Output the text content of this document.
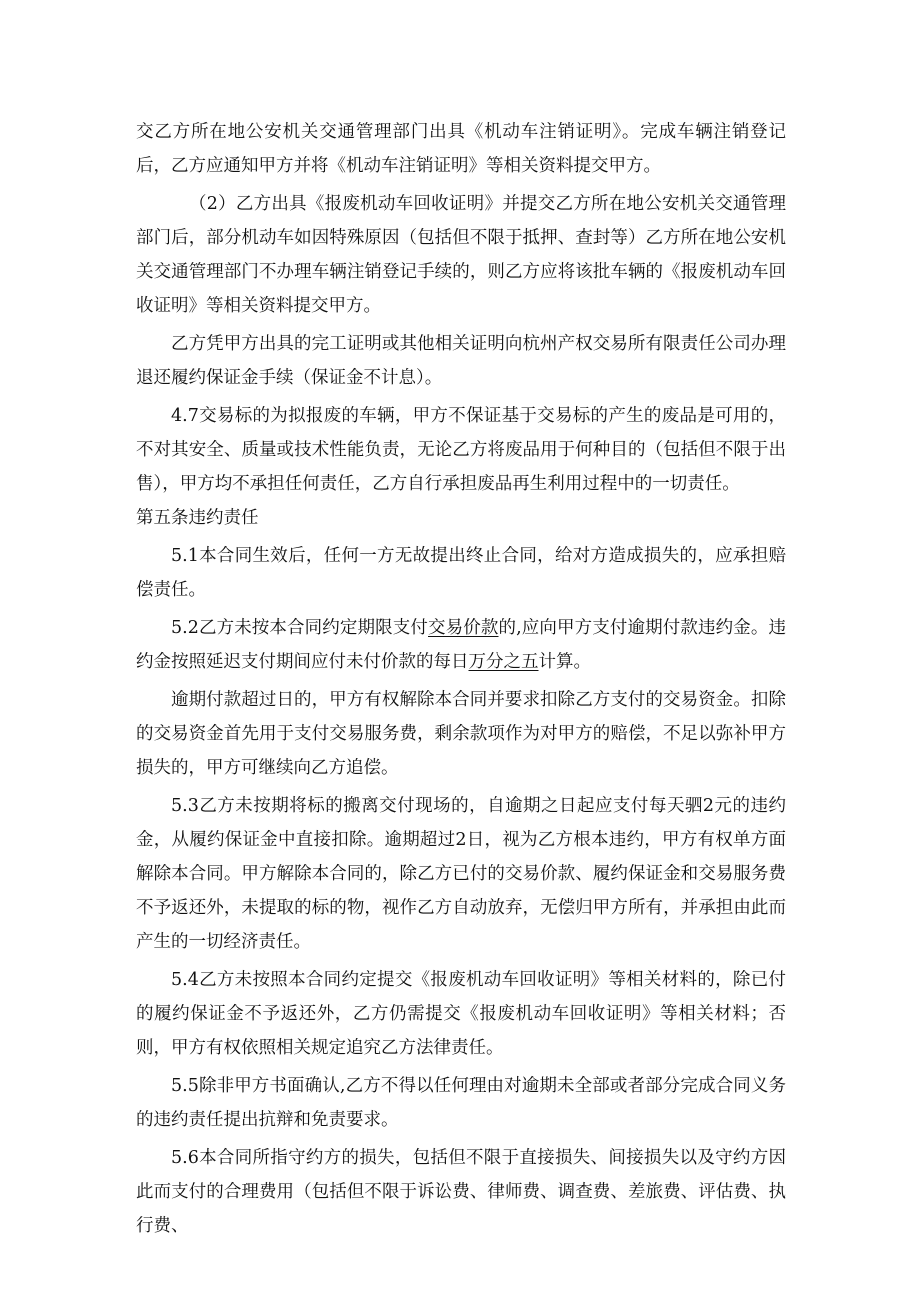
交乙方所在地公安机关交通管理部门出具《机动车注销证明》。完成车辆注销登记后，乙方应通知甲方并将《机动车注销证明》等相关资料提交甲方。

（2）乙方出具《报废机动车回收证明》并提交乙方所在地公安机关交通管理部门后，部分机动车如因特殊原因（包括但不限于抵押、查封等）乙方所在地公安机关交通管理部门不办理车辆注销登记手续的，则乙方应将该批车辆的《报废机动车回收证明》等相关资料提交甲方。

乙方凭甲方出具的完工证明或其他相关证明向杭州产权交易所有限责任公司办理退还履约保证金手续（保证金不计息）。

4.7交易标的为拟报废的车辆，甲方不保证基于交易标的产生的废品是可用的，不对其安全、质量或技术性能负责，无论乙方将废品用于何种目的（包括但不限于出售），甲方均不承担任何责任，乙方自行承担废品再生利用过程中的一切责任。

第五条违约责任

5.1本合同生效后，任何一方无故提出终止合同，给对方造成损失的，应承担赔偿责任。

5.2乙方未按本合同约定期限支付交易价款的,应向甲方支付逾期付款违约金。违约金按照延迟支付期间应付未付价款的每日万分之五计算。

逾期付款超过日的，甲方有权解除本合同并要求扣除乙方支付的交易资金。扣除的交易资金首先用于支付交易服务费，剩余款项作为对甲方的赔偿，不足以弥补甲方损失的，甲方可继续向乙方追偿。

5.3乙方未按期将标的搬离交付现场的，自逾期之日起应支付每天驷2元的违约金，从履约保证金中直接扣除。逾期超过2日，视为乙方根本违约，甲方有权单方面解除本合同。甲方解除本合同的，除乙方已付的交易价款、履约保证金和交易服务费不予返还外，未提取的标的物，视作乙方自动放弃，无偿归甲方所有，并承担由此而产生的一切经济责任。

5.4乙方未按照本合同约定提交《报废机动车回收证明》等相关材料的，除已付的履约保证金不予返还外，乙方仍需提交《报废机动车回收证明》等相关材料；否则，甲方有权依照相关规定追究乙方法律责任。

5.5除非甲方书面确认,乙方不得以任何理由对逾期未全部或者部分完成合同义务的违约责任提出抗辩和免责要求。

5.6本合同所指守约方的损失，包括但不限于直接损失、间接损失以及守约方因此而支付的合理费用（包括但不限于诉讼费、律师费、调查费、差旅费、评估费、执行费、
